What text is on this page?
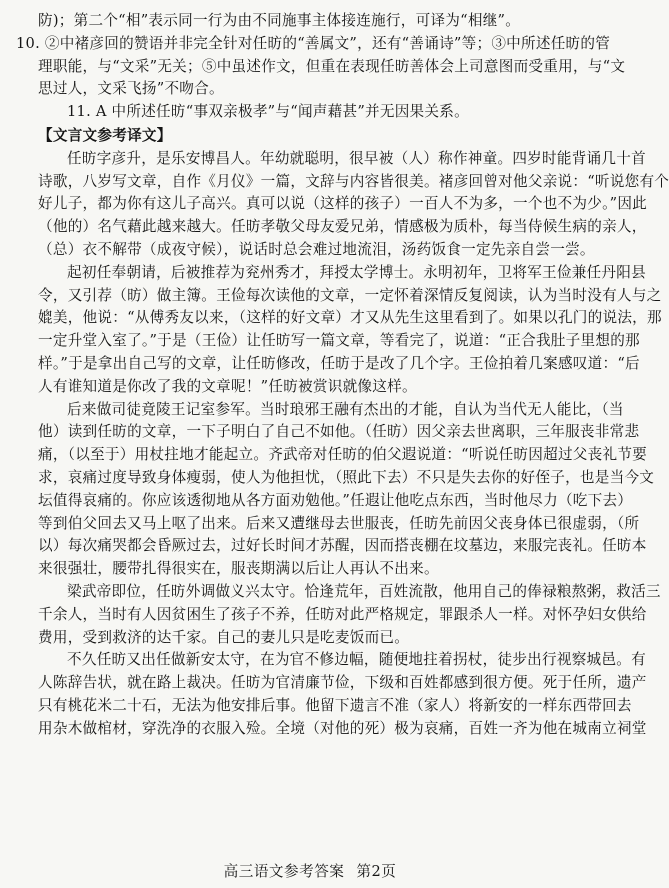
防)；第二个“相”表示同一行为由不同施事主体接连施行，可译为“相继”。
10. ②中褚彦回的赞语并非完全针对任昉的“善属文”，还有“善诵诗”等；③中所述任昉的管
理职能，与“文采”无关；⑤中虽述作文，但重在表现任昉善体会上司意图而受重用，与“文
思过人，文采飞扬”不吻合。
11. A 中所述任昉“事双亲极孝”与“闻声藉甚”并无因果关系。
【文言文参考译文】
任昉字彦升，是乐安博昌人。年幼就聪明，很早被（人）称作神童。四岁时能背诵几十首
诗歌，八岁写文章，自作《月仪》一篇，文辞与内容皆很美。褚彦回曾对他父亲说：“听说您有个
好儿子，都为你有这儿子高兴。真可以说（这样的孩子）一百人不为多，一个也不为少。”因此
（他的）名气藉此越来越大。任昉孝敬父母友爱兄弟，情感极为质朴，每当侍候生病的亲人，
（总）衣不解带（成夜守候），说话时总会难过地流泪，汤药饭食一定先亲自尝一尝。
起初任奉朝请，后被推荐为兖州秀才，拜授太学博士。永明初年，卫将军王俭兼任丹阳县
令，又引荐（昉）做主簿。王俭每次读他的文章，一定怀着深情反复阅读，认为当时没有人与之
媲美，他说：“从傅秀友以来，（这样的好文章）才又从先生这里看到了。如果以孔门的说法，那
一定升堂入室了。”于是（王俭）让任昉写一篇文章，等看完了，说道：“正合我肚子里想的那
样。”于是拿出自己写的文章，让任昉修改，任昉于是改了几个字。王俭拍着几案感叹道：“后
人有谁知道是你改了我的文章呢！”任昉被赏识就像这样。
后来做司徒竟陵王记室参军。当时琅邪王融有杰出的才能，自认为当代无人能比，（当
他）读到任昉的文章，一下子明白了自己不如他。（任昉）因父亲去世离职，三年服丧非常悲
痛，（以至于）用杖拄地才能起立。齐武帝对任昉的伯父遐说道：“听说任昉因超过父丧礼节要
求，哀痛过度导致身体瘦弱，使人为他担忧，（照此下去）不只是失去你的好侄子，也是当今文
坛值得哀痛的。你应该透彻地从各方面劝勉他。”任遐让他吃点东西，当时他尽力（吃下去）
等到伯父回去又马上呕了出来。后来又遭继母去世服丧，任昉先前因父丧身体已很虚弱，（所
以）每次痛哭都会昏厥过去，过好长时间才苏醒，因而搭丧棚在坟墓边，来服完丧礼。任昉本
来很强壮，腰带扎得很实在，服丧期满以后让人再认不出来。
梁武帝即位，任昉外调做义兴太守。恰逢荒年，百姓流散，他用自己的俸禄粮熬粥，救活三
千余人，当时有人因贫困生了孩子不养，任昉对此严格规定，罪跟杀人一样。对怀孕妇女供给
费用，受到救济的达千家。自己的妻儿只是吃麦饭而已。
不久任昉又出任做新安太守，在为官不修边幅，随便地拄着拐杖，徒步出行视察城邑。有
人陈辞告状，就在路上裁决。任昉为官清廉节俭，下级和百姓都感到很方便。死于任所，遗产
只有桃花米二十石，无法为他安排后事。他留下遗言不准（家人）将新安的一样东西带回去
用杂木做棺材，穿洗净的衣服入殓。全境（对他的死）极为哀痛，百姓一齐为他在城南立祠堂
高三语文参考答案 第2页
